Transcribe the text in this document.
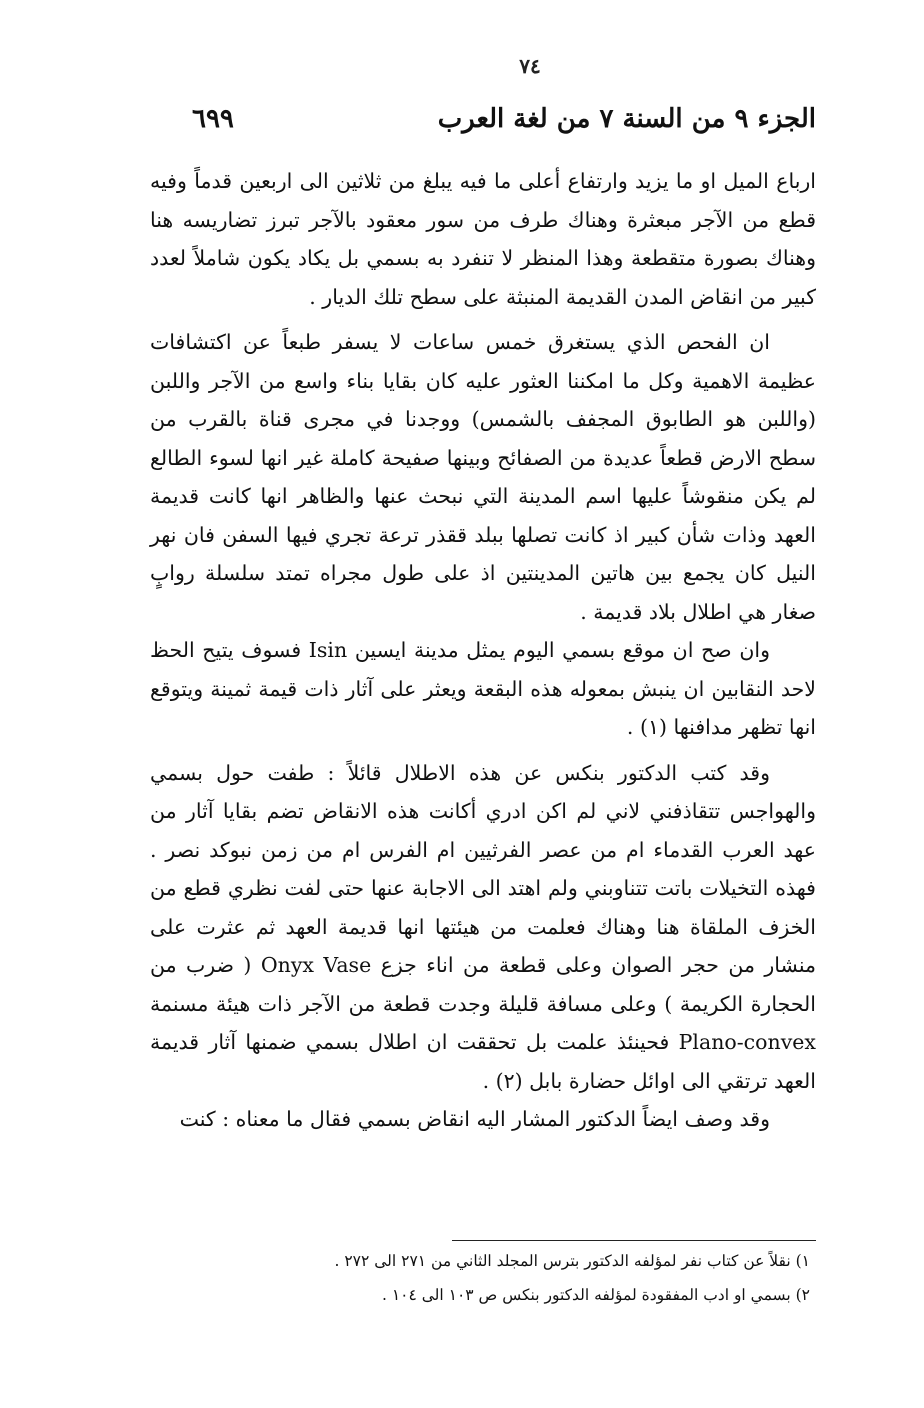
٧٤
الجزء ٩ من السنة ٧ من لغة العرب
٦٩٩

ارباع الميل او ما يزيد وارتفاع أعلى ما فيه يبلغ من ثلاثين الى اربعين قدماً وفيه قطع من الآجر مبعثرة وهناك طرف من سور معقود بالآجر تبرز تضاريسه هنا وهناك بصورة متقطعة وهذا المنظر لا تنفرد به بسمي بل يكاد يكون شاملاً لعدد كبير من انقاض المدن القديمة المنبثة على سطح تلك الديار .

ان الفحص الذي يستغرق خمس ساعات لا يسفر طبعاً عن اكتشافات عظيمة الاهمية وكل ما امكننا العثور عليه كان بقايا بناء واسع من الآجر واللبن (واللبن هو الطابوق المجفف بالشمس) ووجدنا في مجرى قناة بالقرب من سطح الارض قطعاً عديدة من الصفائح وبينها صفيحة كاملة غير انها لسوء الطالع لم يكن منقوشاً عليها اسم المدينة التي نبحث عنها والظاهر انها كانت قديمة العهد وذات شأن كبير اذ كانت تصلها ببلد ققذر ترعة تجري فيها السفن فان نهر النيل كان يجمع بين هاتين المدينتين اذ على طول مجراه تمتد سلسلة روابٍ صغار هي اطلال بلاد قديمة .

وان صح ان موقع بسمي اليوم يمثل مدينة ايسين Isin فسوف يتيح الحظ لاحد النقابين ان ينبش بمعوله هذه البقعة ويعثر على آثار ذات قيمة ثمينة ويتوقع انها تظهر مدافنها (١) .

وقد كتب الدكتور بنكس عن هذه الاطلال قائلاً : طفت حول بسمي والهواجس تتقاذفني لاني لم اكن ادري أكانت هذه الانقاض تضم بقايا آثار من عهد العرب القدماء ام من عصر الفرثيين ام الفرس ام من زمن نبوكد نصر . فهذه التخيلات باتت تتناوبني ولم اهتد الى الاجابة عنها حتى لفت نظري قطع من الخزف الملقاة هنا وهناك فعلمت من هيئتها انها قديمة العهد ثم عثرت على منشار من حجر الصوان وعلى قطعة من اناء جزع Onyx Vase ( ضرب من الحجارة الكريمة ) وعلى مسافة قليلة وجدت قطعة من الآجر ذات هيئة مسنمة Plano-convex فحينئذ علمت بل تحققت ان اطلال بسمي ضمنها آثار قديمة العهد ترتقي الى اوائل حضارة بابل (٢) .

وقد وصف ايضاً الدكتور المشار اليه انقاض بسمي فقال ما معناه : كنت

١) نقلاً عن كتاب نفر لمؤلفه الدكتور بترس المجلد الثاني من ٢٧١ الى ٢٧٢ .
٢) بسمي او ادب المفقودة لمؤلفه الدكتور بنكس ص ١٠٣ الى ١٠٤ .
